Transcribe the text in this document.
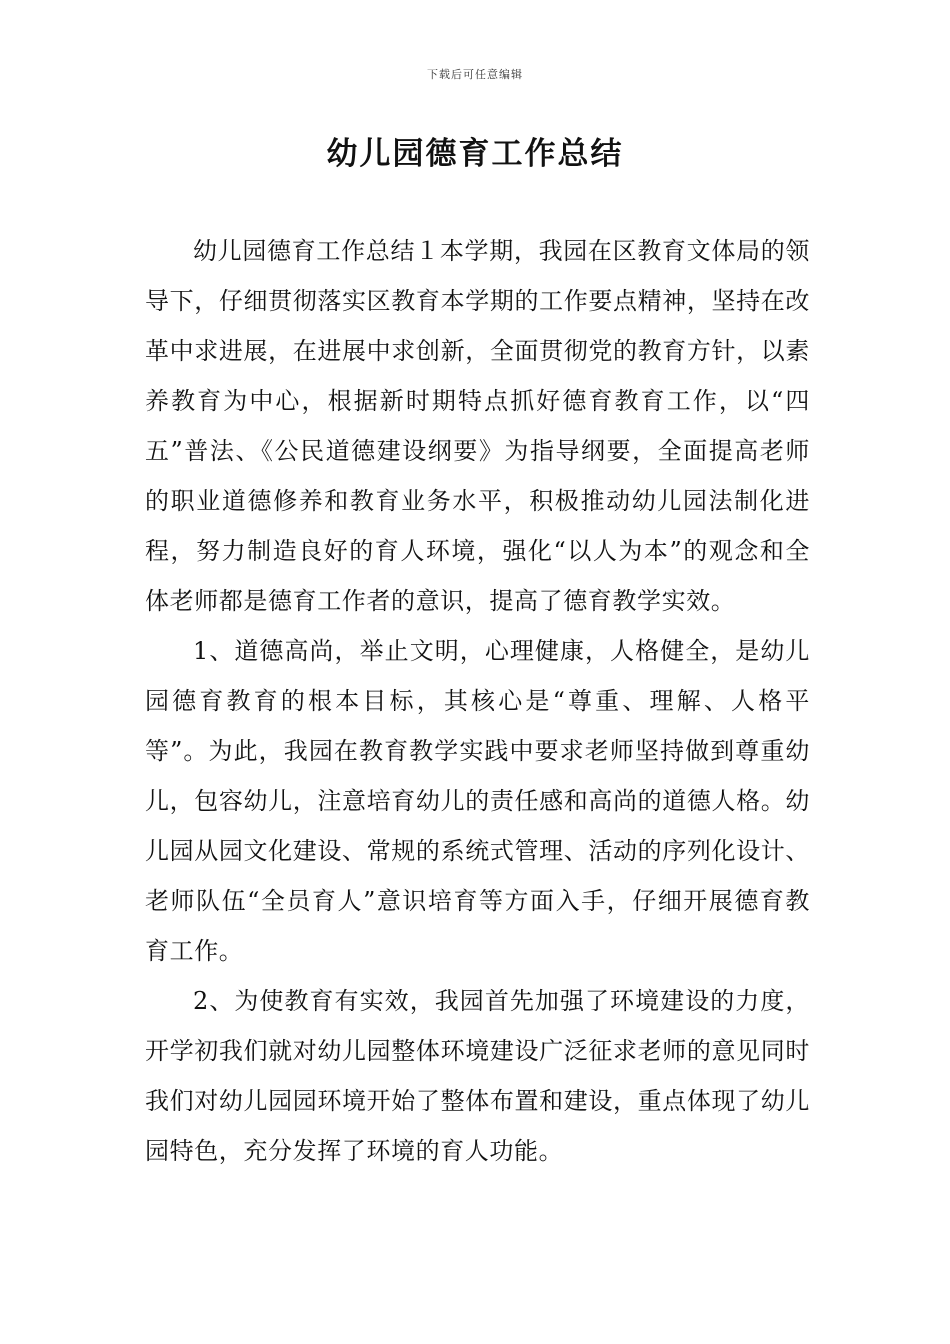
下载后可任意编辑
幼儿园德育工作总结

幼儿园德育工作总结１本学期，我园在区教育文体局的领导下，仔细贯彻落实区教育本学期的工作要点精神，坚持在改革中求进展，在进展中求创新，全面贯彻党的教育方针，以素养教育为中心，根据新时期特点抓好德育教育工作，以“四五”普法、《公民道德建设纲要》为指导纲要，全面提高老师的职业道德修养和教育业务水平，积极推动幼儿园法制化进程，努力制造良好的育人环境，强化“以人为本”的观念和全体老师都是德育工作者的意识，提高了德育教学实效。

1、道德高尚，举止文明，心理健康，人格健全，是幼儿园德育教育的根本目标，其核心是“尊重、理解、人格平等”。为此，我园在教育教学实践中要求老师坚持做到尊重幼儿，包容幼儿，注意培育幼儿的责任感和高尚的道德人格。幼儿园从园文化建设、常规的系统式管理、活动的序列化设计、老师队伍“全员育人”意识培育等方面入手，仔细开展德育教育工作。

2、为使教育有实效，我园首先加强了环境建设的力度，开学初我们就对幼儿园整体环境建设广泛征求老师的意见同时我们对幼儿园园环境开始了整体布置和建设，重点体现了幼儿园特色，充分发挥了环境的育人功能。
